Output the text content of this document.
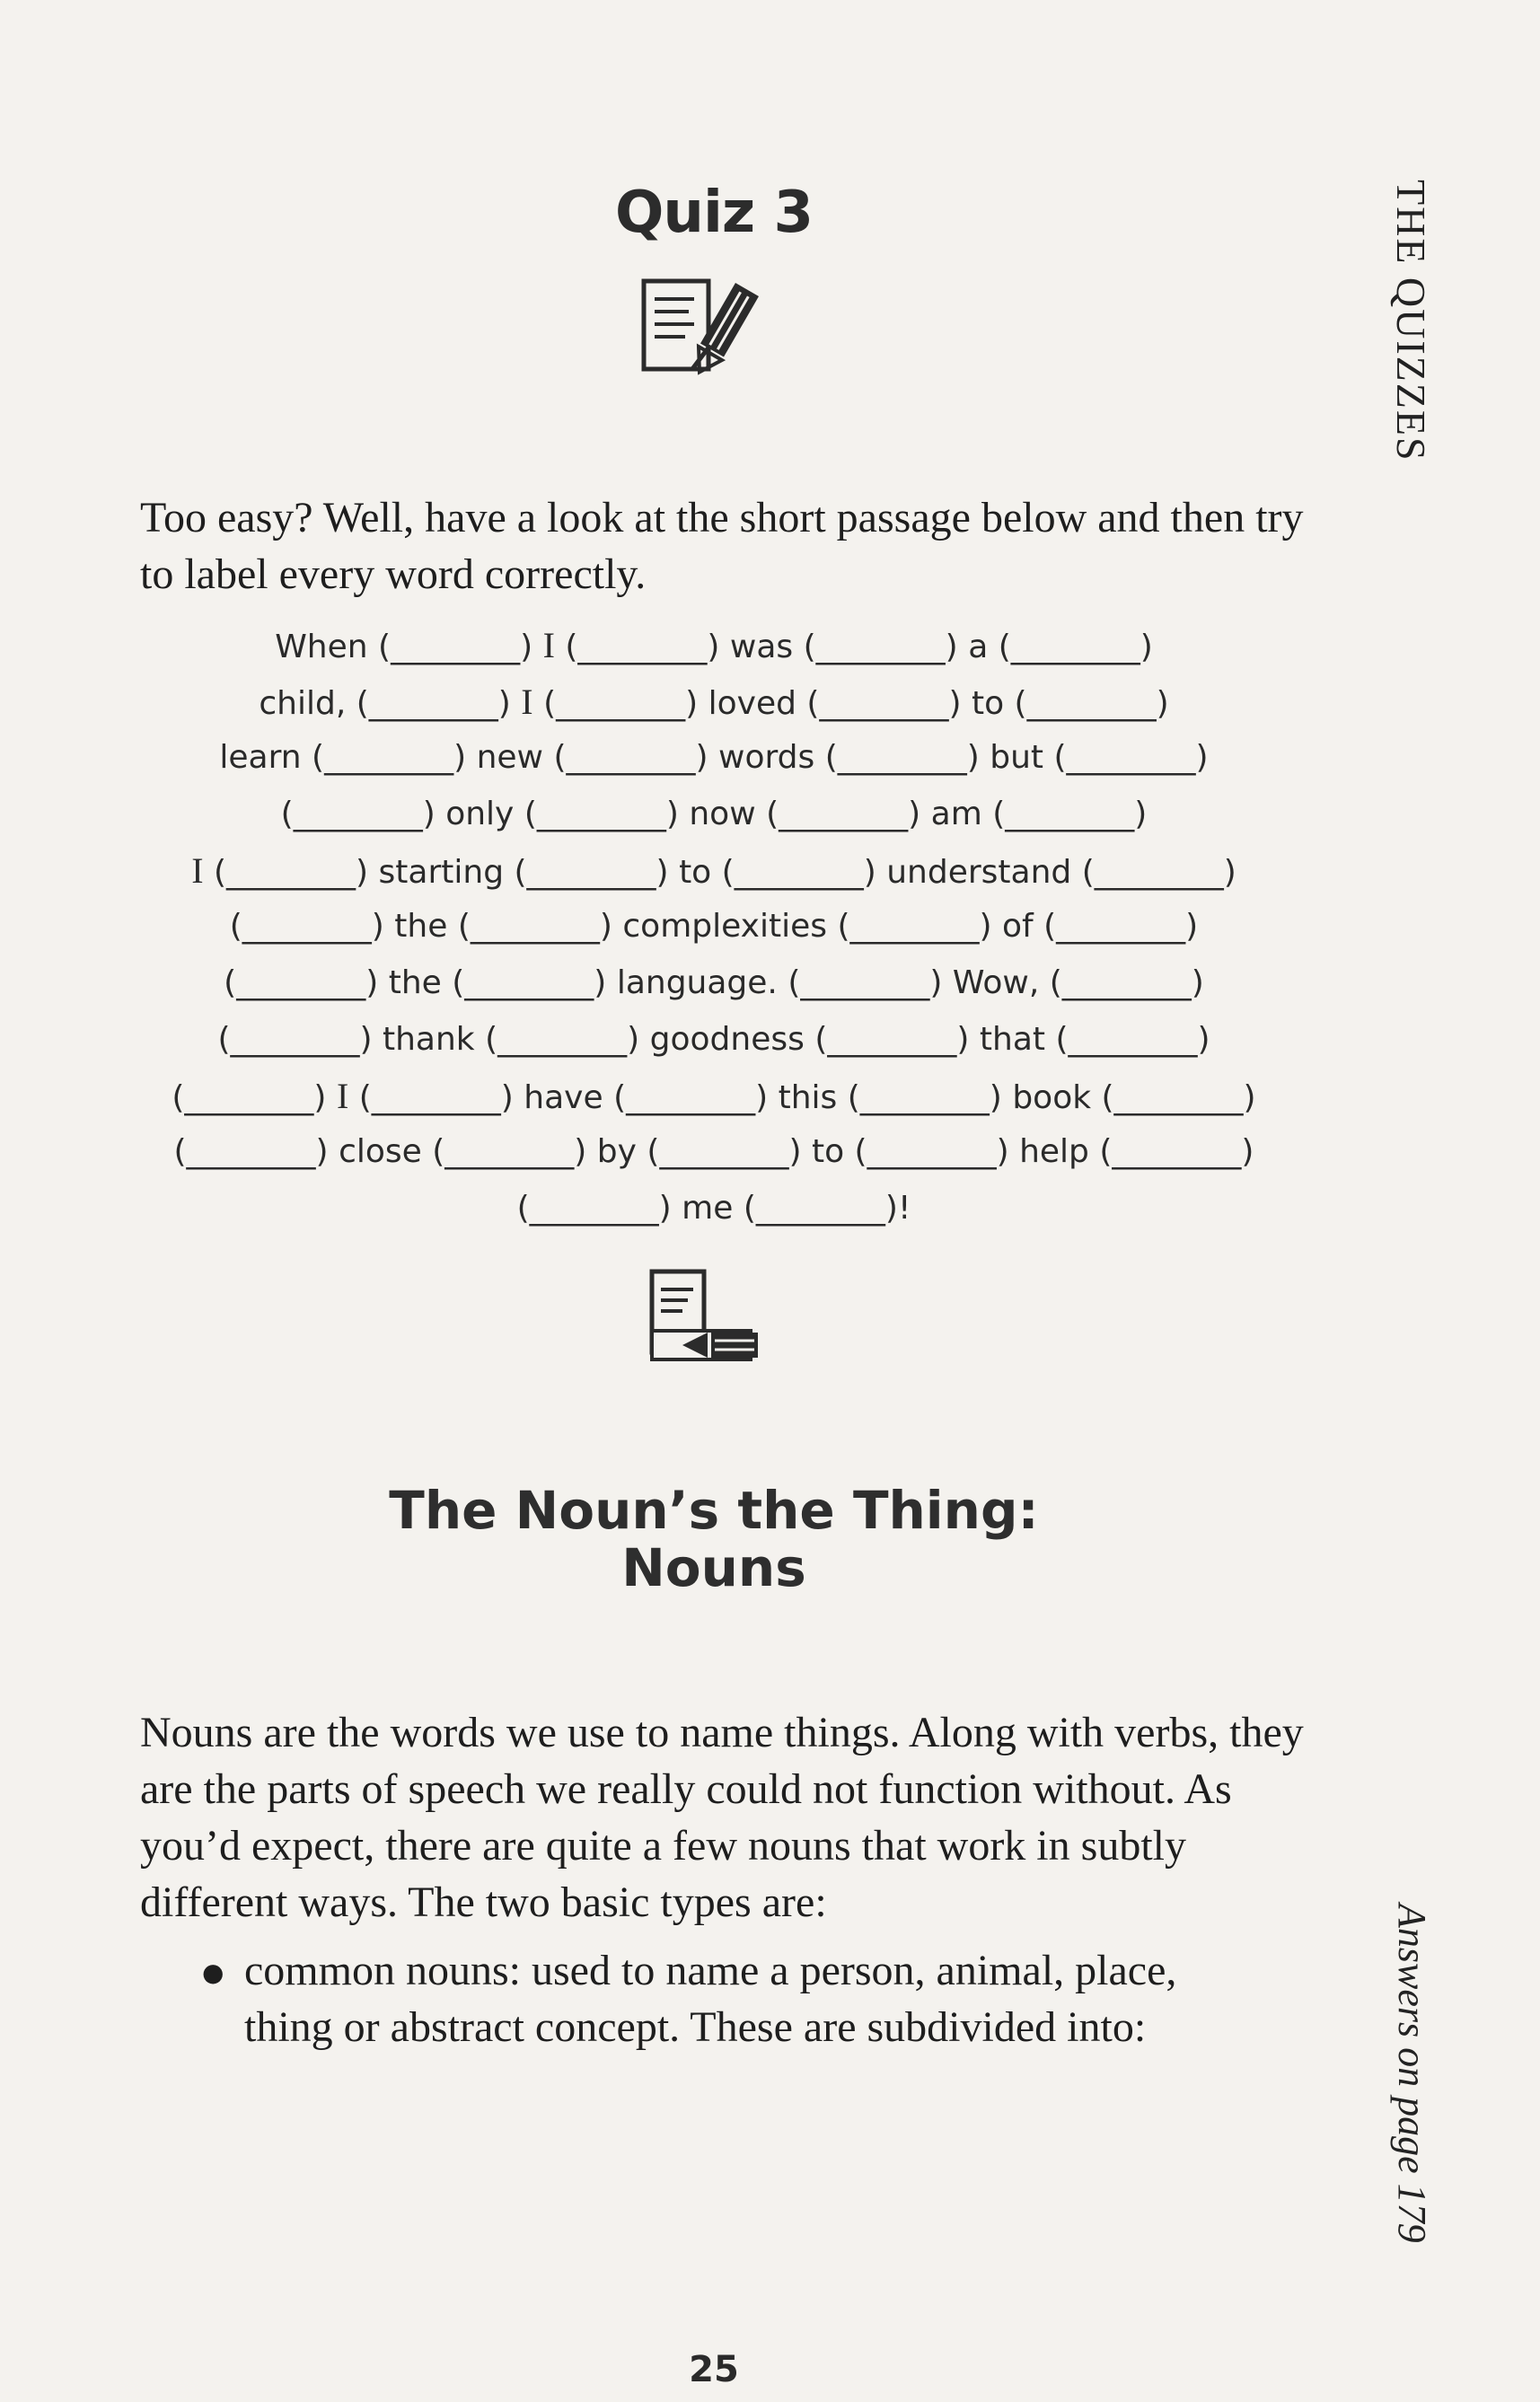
Quiz 3

Too easy? Well, have a look at the short passage below and then try to label every word correctly.

When (________) I (________) was (________) a (________)
child, (________) I (________) loved (________) to (________)
learn (________) new (________) words (________) but (________)
(________) only (________) now (________) am (________)
I (________) starting (________) to (________) understand (________)
(________) the (________) complexities (________) of (________)
(________) the (________) language. (________) Wow, (________)
(________) thank (________) goodness (________) that (________)
(________) I (________) have (________) this (________) book (________)
(________) close (________) by (________) to (________) help (________)
(________) me (________)!
The Noun’s the Thing:
Nouns

Nouns are the words we use to name things. Along with verbs, they are the parts of speech we really could not function without. As you’d expect, there are quite a few nouns that work in subtly different ways. The two basic types are:

● common nouns: used to name a person, animal, place, thing or abstract concept. These are subdivided into:
THE QUIZZES
Answers on page 179
25
